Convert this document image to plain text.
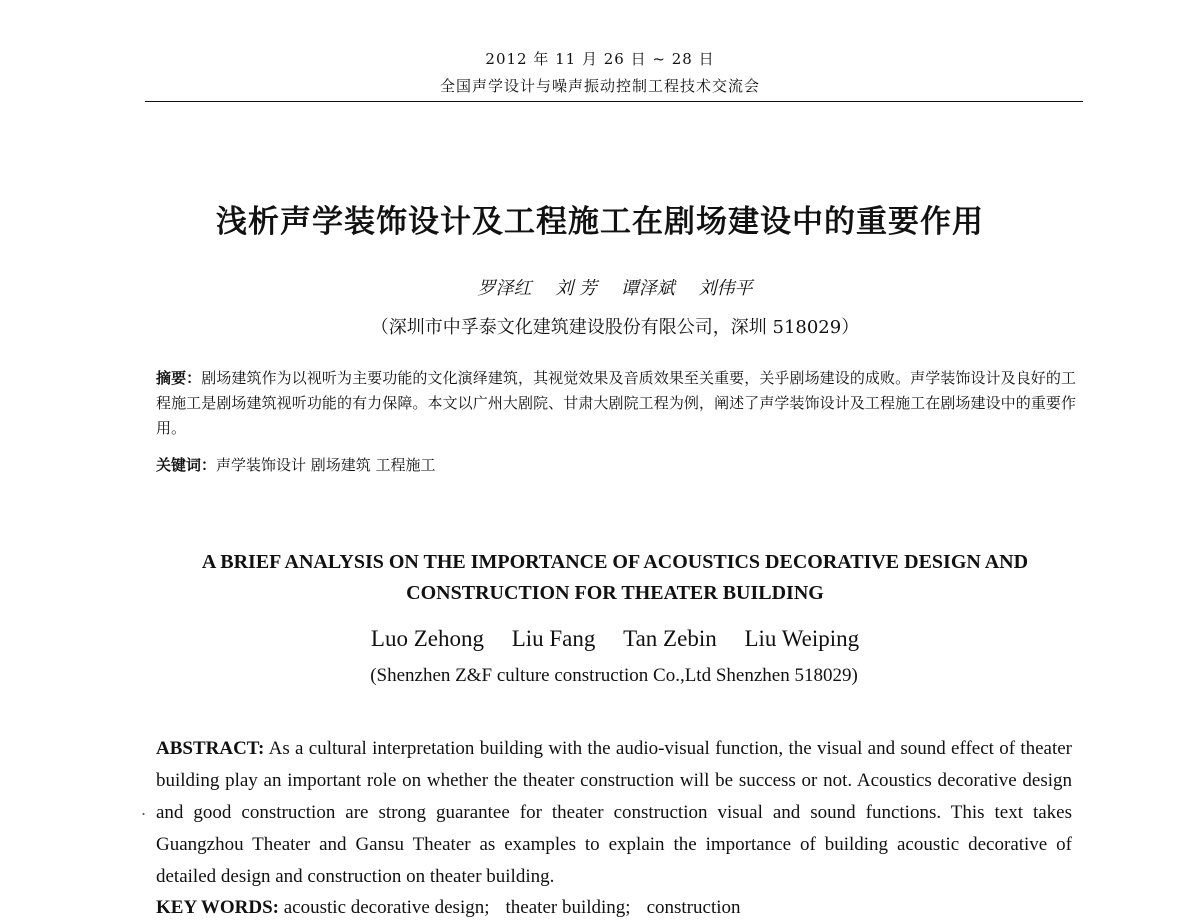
2012 年 11 月 26 日 ~ 28 日
全国声学设计与噪声振动控制工程技术交流会
浅析声学装饰设计及工程施工在剧场建设中的重要作用
罗泽红 刘 芳 谭泽斌 刘伟平
（深圳市中孚泰文化建筑建设股份有限公司，深圳 518029）
摘要：剧场建筑作为以视听为主要功能的文化演绎建筑，其视觉效果及音质效果至关重要，关乎剧场建设的成败。声学装饰设计及良好的工程施工是剧场建筑视听功能的有力保障。本文以广州大剧院、甘肃大剧院工程为例，阐述了声学装饰设计及工程施工在剧场建设中的重要作用。
关键词：声学装饰设计 剧场建筑 工程施工
A BRIEF ANALYSIS ON THE IMPORTANCE OF ACOUSTICS DECORATIVE DESIGN AND
CONSTRUCTION FOR THEATER BUILDING
Luo Zehong Liu Fang Tan Zebin Liu Weiping
(Shenzhen Z&F culture construction Co.,Ltd Shenzhen 518029)
.
ABSTRACT: As a cultural interpretation building with the audio-visual function, the visual and sound effect of theater building play an important role on whether the theater construction will be success or not. Acoustics decorative design and good construction are strong guarantee for theater construction visual and sound functions. This text takes Guangzhou Theater and Gansu Theater as examples to explain the importance of building acoustic decorative of detailed design and construction on theater building.
KEY WORDS: acoustic decorative design; theater building; construction
